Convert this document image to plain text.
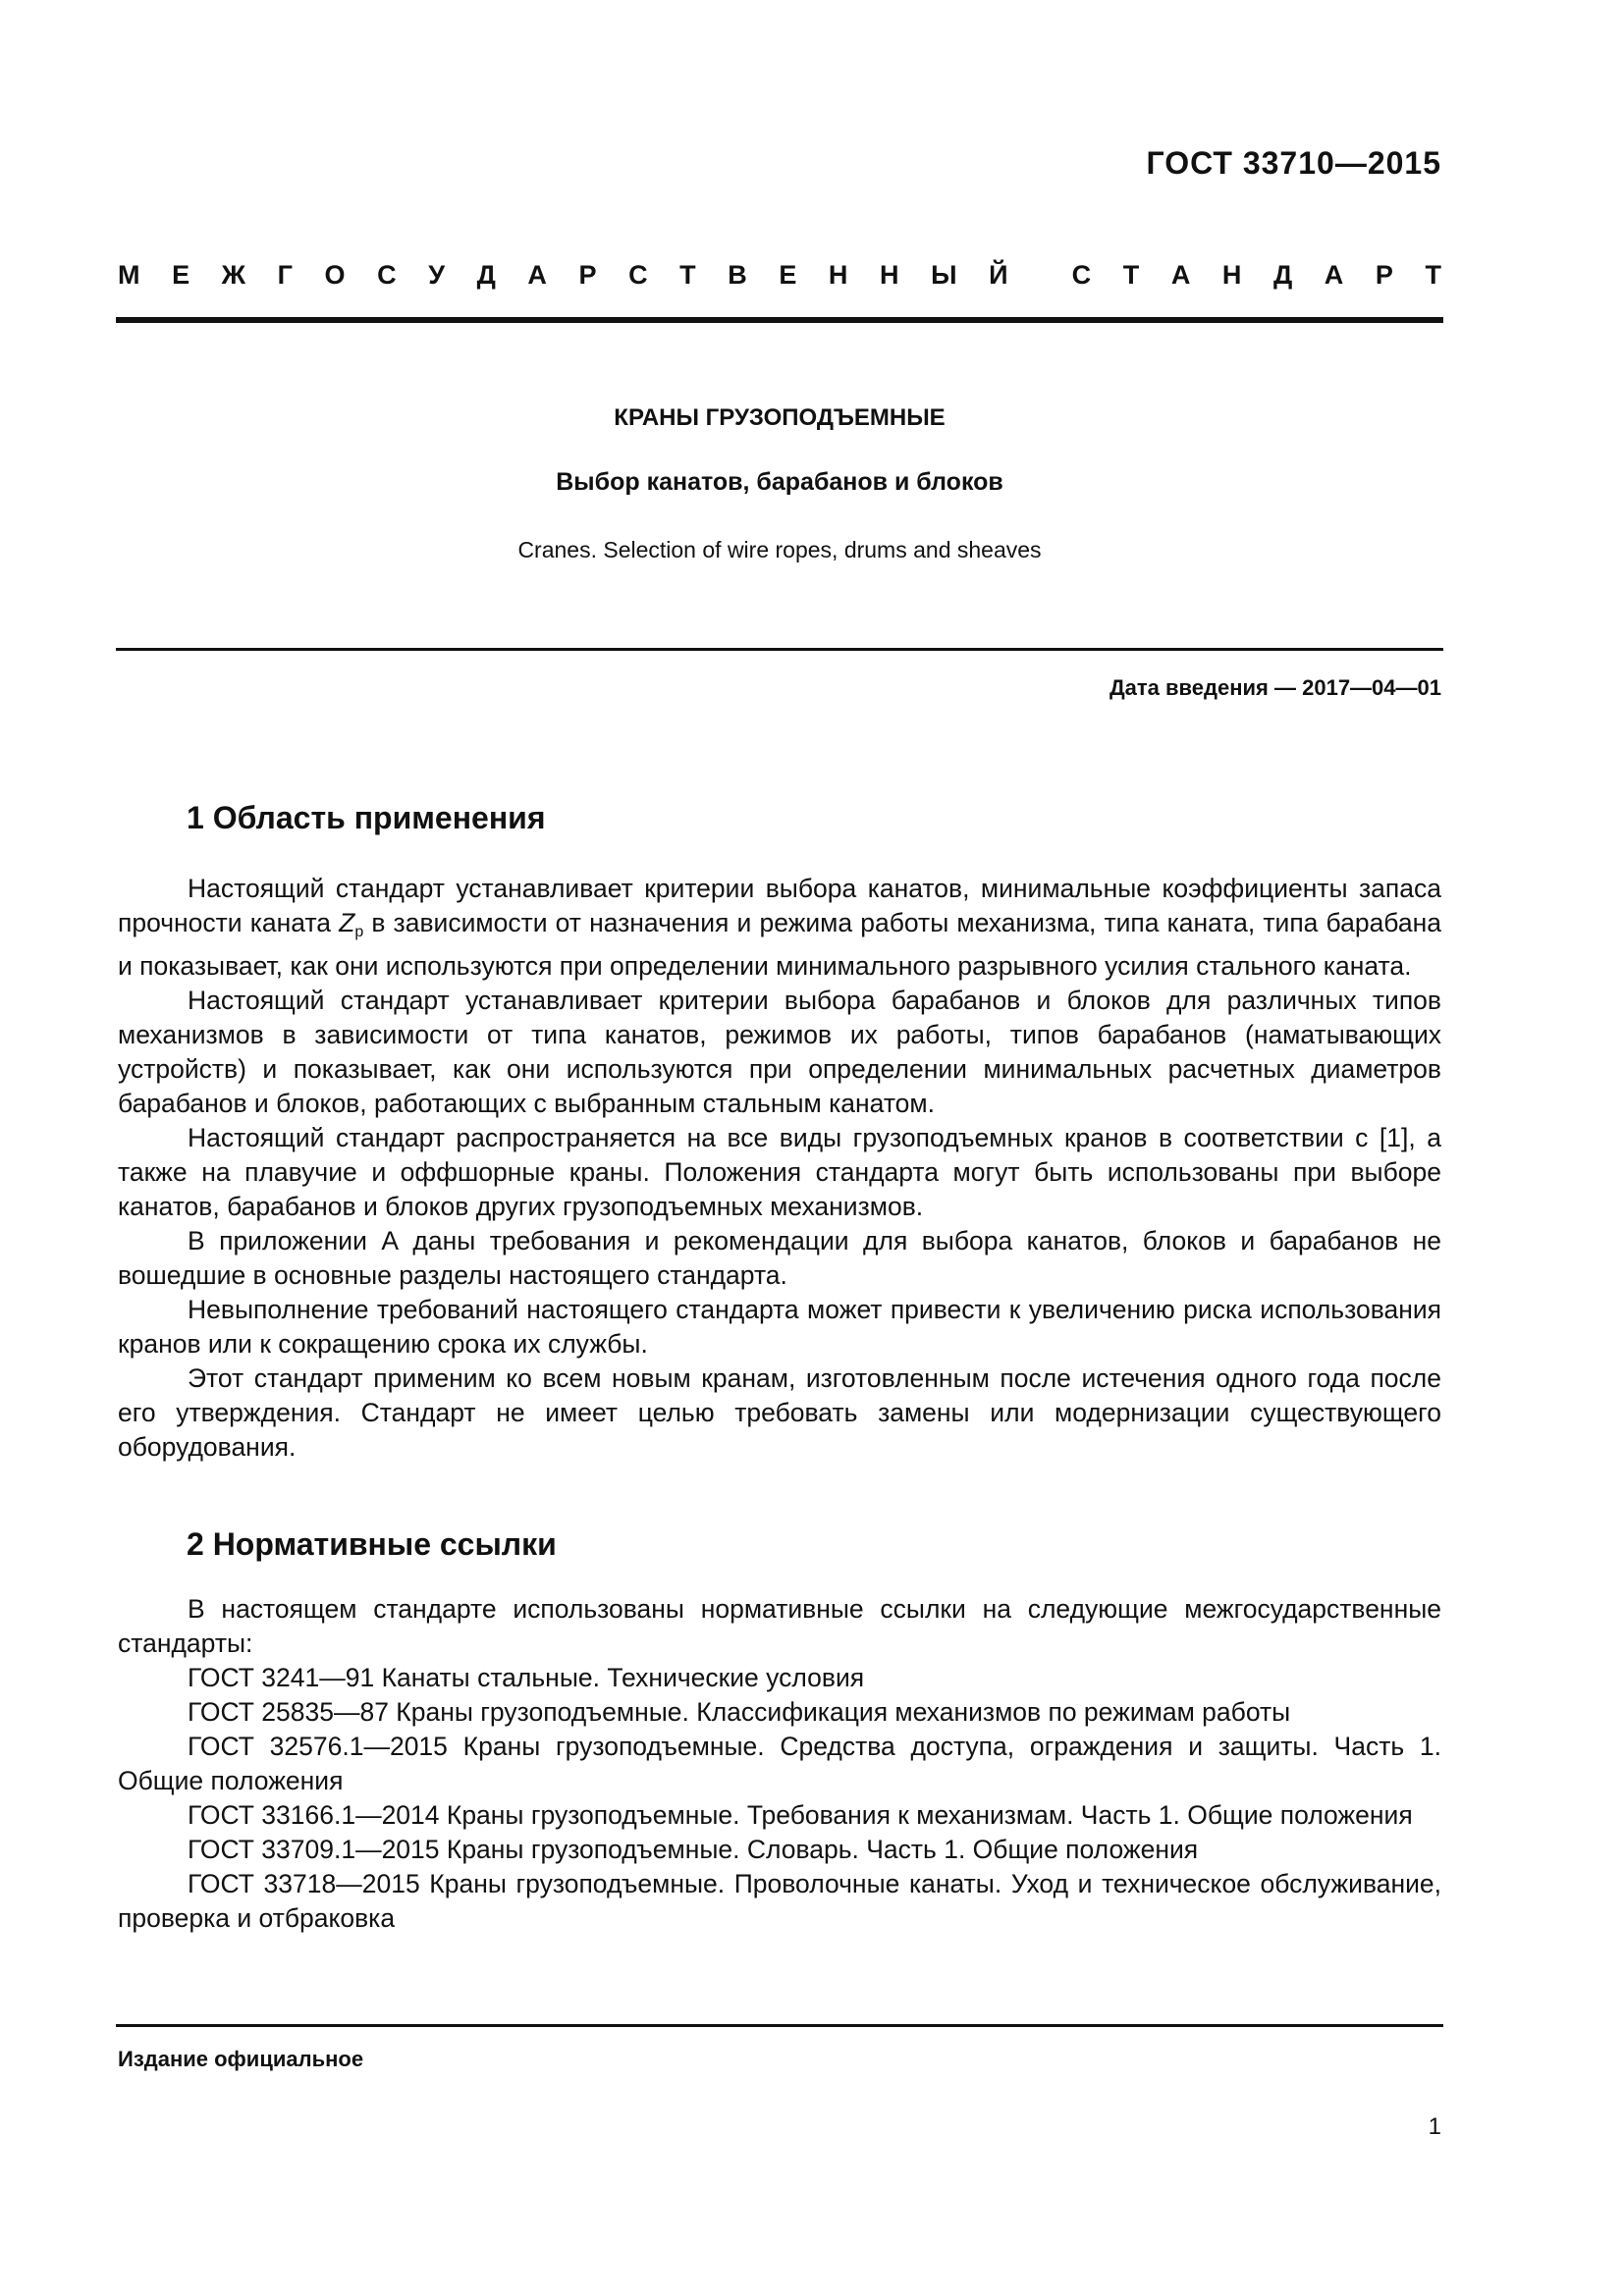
ГОСТ 33710—2015
М Е Ж Г О С У Д А Р С Т В Е Н Н Ы Й С Т А Н Д А Р Т
КРАНЫ ГРУЗОПОДЪЕМНЫЕ
Выбор канатов, барабанов и блоков
Cranes. Selection of wire ropes, drums and sheaves
Дата введения — 2017—04—01
1 Область применения

Настоящий стандарт устанавливает критерии выбора канатов, минимальные коэффициенты запаса прочности каната $Z_p$ в зависимости от назначения и режима работы механизма, типа каната, типа барабана и показывает, как они используются при определении минимального разрывного усилия стального каната.

Настоящий стандарт устанавливает критерии выбора барабанов и блоков для различных типов механизмов в зависимости от типа канатов, режимов их работы, типов барабанов (наматывающих устройств) и показывает, как они используются при определении минимальных расчетных диаметров барабанов и блоков, работающих с выбранным стальным канатом.

Настоящий стандарт распространяется на все виды грузоподъемных кранов в соответствии с [1], а также на плавучие и оффшорные краны. Положения стандарта могут быть использованы при выборе канатов, барабанов и блоков других грузоподъемных механизмов.

В приложении А даны требования и рекомендации для выбора канатов, блоков и барабанов не вошедшие в основные разделы настоящего стандарта.

Невыполнение требований настоящего стандарта может привести к увеличению риска использования кранов или к сокращению срока их службы.

Этот стандарт применим ко всем новым кранам, изготовленным после истечения одного года после его утверждения. Стандарт не имеет целью требовать замены или модернизации существующего оборудования.

2 Нормативные ссылки

В настоящем стандарте использованы нормативные ссылки на следующие межгосударственные стандарты:

ГОСТ 3241—91 Канаты стальные. Технические условия

ГОСТ 25835—87 Краны грузоподъемные. Классификация механизмов по режимам работы

ГОСТ 32576.1—2015 Краны грузоподъемные. Средства доступа, ограждения и защиты. Часть 1. Общие положения

ГОСТ 33166.1—2014 Краны грузоподъемные. Требования к механизмам. Часть 1. Общие положения

ГОСТ 33709.1—2015 Краны грузоподъемные. Словарь. Часть 1. Общие положения

ГОСТ 33718—2015 Краны грузоподъемные. Проволочные канаты. Уход и техническое обслуживание, проверка и отбраковка

Издание официальное
1
